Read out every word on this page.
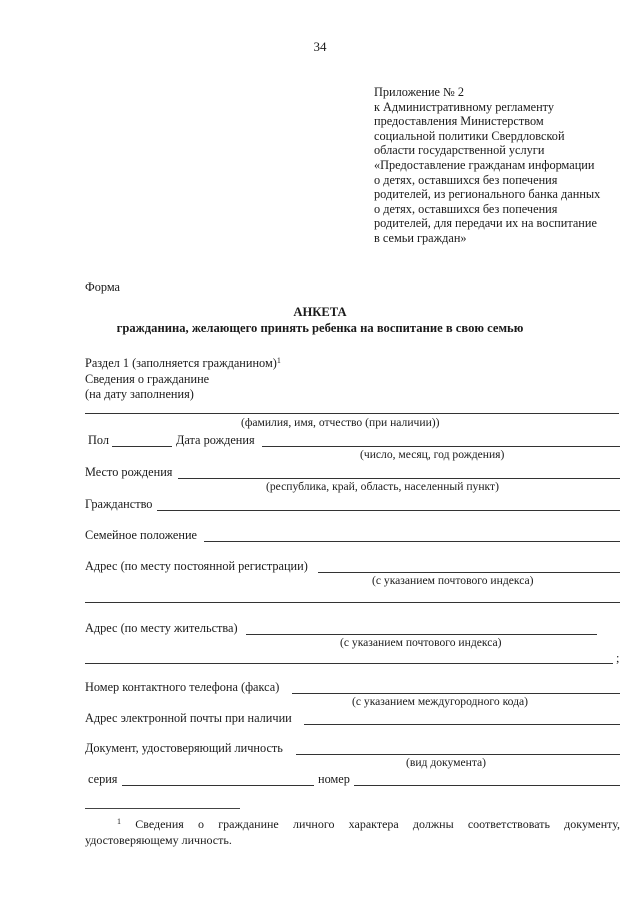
34
Приложение № 2
к Административному регламенту
предоставления Министерством
социальной политики Свердловской
области государственной услуги
«Предоставление гражданам информации
о детях, оставшихся без попечения
родителей, из регионального банка данных
о детях, оставшихся без попечения
родителей, для передачи их на воспитание
в семьи граждан»
Форма
АНКЕТА
гражданина, желающего принять ребенка на воспитание в свою семью
Раздел 1 (заполняется гражданином)$^1$
Сведения о гражданине
(на дату заполнения)
(фамилия, имя, отчество (при наличии))
Пол	Дата рождения
(число, месяц, год рождения)
Место рождения
(республика, край, область, населенный пункт)
Гражданство
Семейное положение
Адрес (по месту постоянной регистрации)
(с указанием почтового индекса)
Адрес (по месту жительства)
(с указанием почтового индекса)
;
Номер контактного телефона (факса)
(с указанием междугородного кода)
Адрес электронной почты при наличии
Документ, удостоверяющий личность
(вид документа)
серия	номер
$^1$ Сведения о гражданине личного характера должны соответствовать документу,
удостоверяющему личность.
